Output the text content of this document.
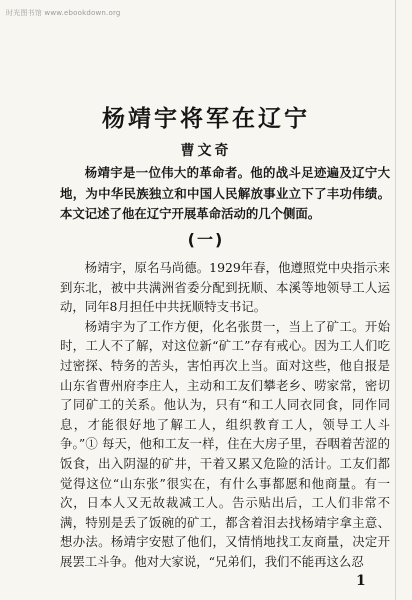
时光图书馆 www.ebookdown.org
杨靖宇将军在辽宁
曹文奇

杨靖宇是一位伟大的革命者。他的战斗足迹遍及辽宁大地，为中华民族独立和中国人民解放事业立下了丰功伟绩。本文记述了他在辽宁开展革命活动的几个侧面。

(一)

杨靖宇，原名马尚德。1929年春，他遵照党中央指示来到东北，被中共满洲省委分配到抚顺、本溪等地领导工人运动，同年8月担任中共抚顺特支书记。

杨靖宇为了工作方便，化名张贯一，当上了矿工。开始时，工人不了解，对这位新“矿工”存有戒心。因为工人们吃过密探、特务的苦头，害怕再次上当。面对这些，他自报是山东省曹州府李庄人，主动和工友们攀老乡、唠家常，密切了同矿工的关系。他认为，只有“和工人同衣同食，同作同息，才能很好地了解工人，组织教育工人，领导工人斗争。”① 每天，他和工友一样，住在大房子里，吞咽着苦涩的饭食，出入阴湿的矿井，干着又累又危险的活计。工友们都觉得这位“山东张”很实在，有什么事都愿和他商量。有一次，日本人又无故裁减工人。告示贴出后，工人们非常不满，特别是丢了饭碗的矿工，都含着泪去找杨靖宇拿主意、想办法。杨靖宇安慰了他们，又情悄地找工友商量，决定开展罢工斗争。他对大家说，“兄弟们，我们不能再这么忍

1
